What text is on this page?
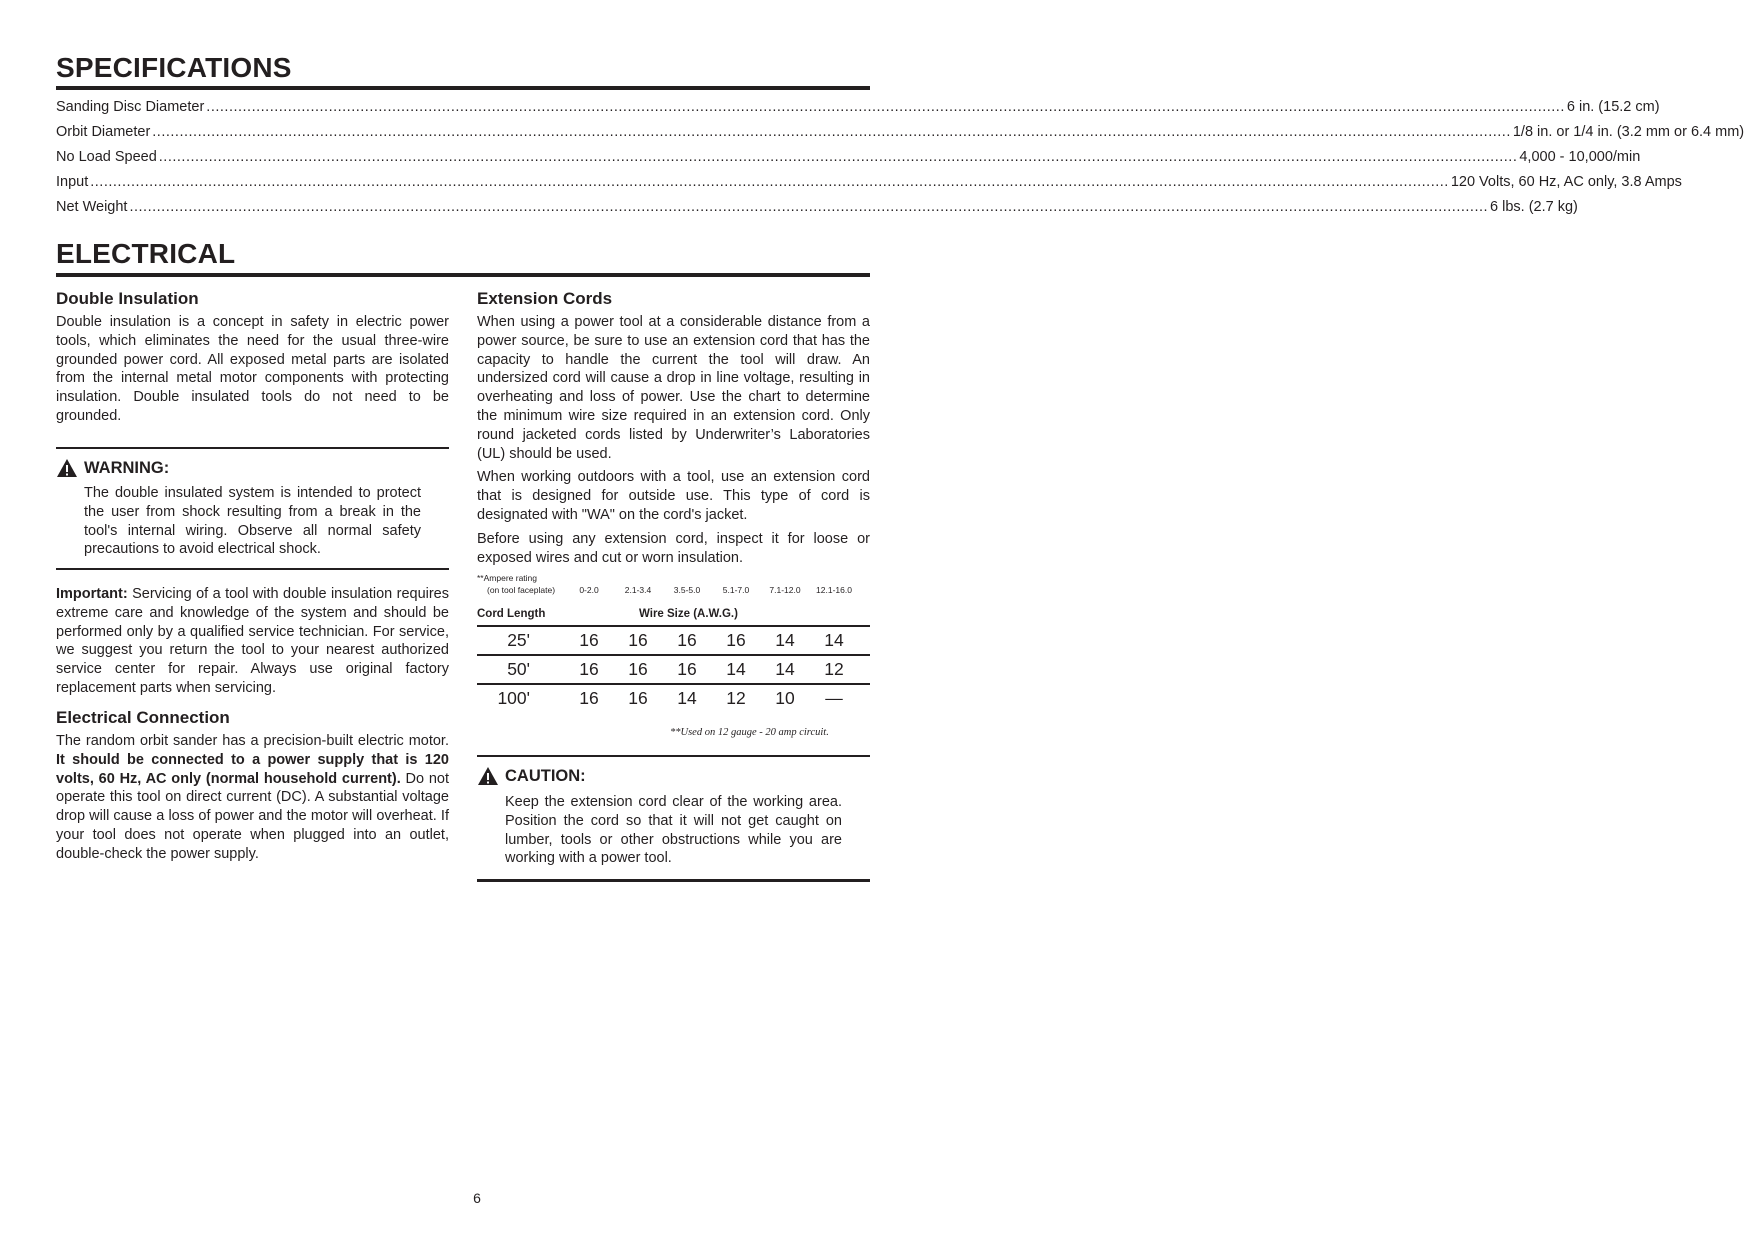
SPECIFICATIONS
Sanding Disc Diameter ............................................................................................................................................................................................................................................................................................................ 6 in. (15.2 cm)
Orbit Diameter ............................................................................................................................................................................................................................................................................................................ 1/8 in. or 1/4 in. (3.2 mm or 6.4 mm)
No Load Speed ............................................................................................................................................................................................................................................................................................................ 4,000 - 10,000/min
Input ............................................................................................................................................................................................................................................................................................................ 120 Volts, 60 Hz, AC only, 3.8 Amps
Net Weight ............................................................................................................................................................................................................................................................................................................ 6 lbs. (2.7 kg)
ELECTRICAL
Double Insulation

Double insulation is a concept in safety in electric power tools, which eliminates the need for the usual three-wire grounded power cord. All exposed metal parts are isolated from the internal metal motor components with protecting insulation. Double insulated tools do not need to be grounded.

WARNING:

The double insulated system is intended to protect the user from shock resulting from a break in the tool's internal wiring. Observe all normal safety precautions to avoid electrical shock.

Important: Servicing of a tool with double insulation requires extreme care and knowledge of the system and should be performed only by a qualified service technician. For service, we suggest you return the tool to your nearest authorized service center for repair. Always use original factory replacement parts when servicing.

Electrical Connection

The random orbit sander has a precision-built electric motor. It should be connected to a power supply that is 120 volts, 60 Hz, AC only (normal household current). Do not operate this tool on direct current (DC). A substantial voltage drop will cause a loss of power and the motor will overheat. If your tool does not operate when plugged into an outlet, double-check the power supply.

Extension Cords

When using a power tool at a considerable distance from a power source, be sure to use an extension cord that has the capacity to handle the current the tool will draw. An undersized cord will cause a drop in line voltage, resulting in overheating and loss of power. Use the chart to determine the minimum wire size required in an extension cord. Only round jacketed cords listed by Underwriter’s Laboratories (UL) should be used.

When working outdoors with a tool, use an extension cord that is designed for outside use. This type of cord is designated with "WA" on the cord's jacket.

Before using any extension cord, inspect it for loose or exposed wires and cut or worn insulation.

**Ampere rating
(on tool faceplate)	0-2.0	2.1-3.4	3.5-5.0	5.1-7.0	7.1-12.0	12.1-16.0
Cord Length	Wire Size (A.W.G.)
25'	16	16	16	16	14	14
50'	16	16	16	14	14	12
100'	16	16	14	12	10	—
**Used on 12 gauge - 20 amp circuit.
CAUTION:

Keep the extension cord clear of the working area. Position the cord so that it will not get caught on lumber, tools or other obstructions while you are working with a power tool.

6
